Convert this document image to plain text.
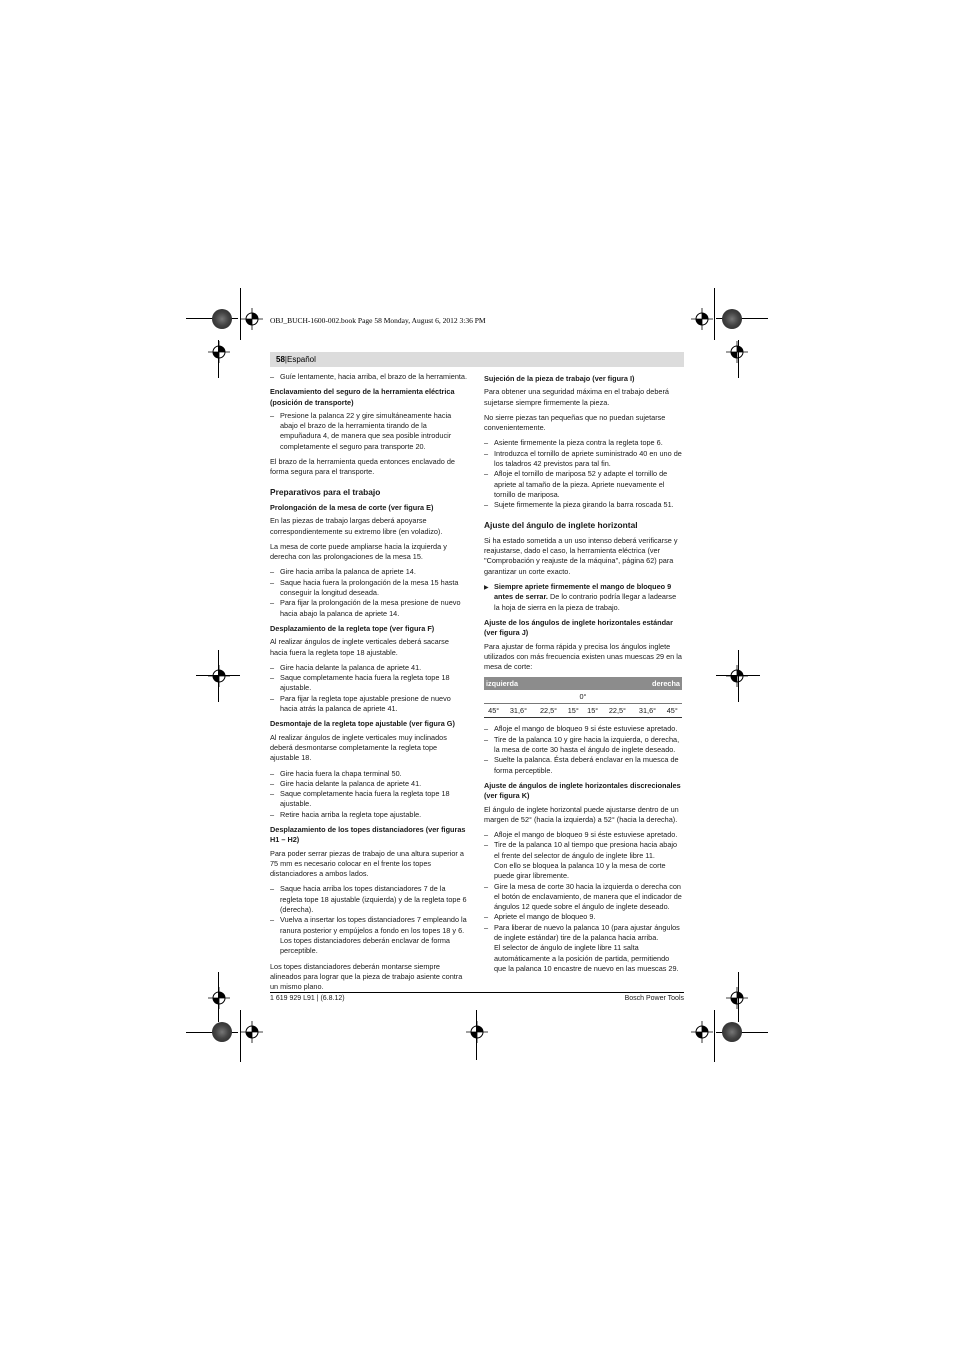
OBJ_BUCH-1600-002.book Page 58 Monday, August 6, 2012 3:36 PM
58|Español
– Guíe lentamente, hacia arriba, el brazo de la herramienta.
Enclavamiento del seguro de la herramienta eléctrica (posición de transporte)
– Presione la palanca 22 y gire simultáneamente hacia abajo el brazo de la herramienta tirando de la empuñadura 4, de manera que sea posible introducir completamente el seguro para transporte 20.

El brazo de la herramienta queda entonces enclavado de forma segura para el transporte.

Preparativos para el trabajo
Prolongación de la mesa de corte (ver figura E)

En las piezas de trabajo largas deberá apoyarse correspondientemente su extremo libre (en voladizo).

La mesa de corte puede ampliarse hacia la izquierda y derecha con las prolongaciones de la mesa 15.

– Gire hacia arriba la palanca de apriete 14.
– Saque hacia fuera la prolongación de la mesa 15 hasta conseguir la longitud deseada.
– Para fijar la prolongación de la mesa presione de nuevo hacia abajo la palanca de apriete 14.
Desplazamiento de la regleta tope (ver figura F)

Al realizar ángulos de inglete verticales deberá sacarse hacia fuera la regleta tope 18 ajustable.

– Gire hacia delante la palanca de apriete 41.
– Saque completamente hacia fuera la regleta tope 18 ajustable.
– Para fijar la regleta tope ajustable presione de nuevo hacia atrás la palanca de apriete 41.
Desmontaje de la regleta tope ajustable (ver figura G)

Al realizar ángulos de inglete verticales muy inclinados deberá desmontarse completamente la regleta tope ajustable 18.

– Gire hacia fuera la chapa terminal 50.
– Gire hacia delante la palanca de apriete 41.
– Saque completamente hacia fuera la regleta tope 18 ajustable.
– Retire hacia arriba la regleta tope ajustable.
Desplazamiento de los topes distanciadores (ver figuras H1 – H2)

Para poder serrar piezas de trabajo de una altura superior a 75 mm es necesario colocar en el frente los topes distanciadores a ambos lados.

– Saque hacia arriba los topes distanciadores 7 de la regleta tope 18 ajustable (izquierda) y de la regleta tope 6 (derecha).
– Vuelva a insertar los topes distanciadores 7 empleando la ranura posterior y empújelos a fondo en los topes 18 y 6. Los topes distanciadores deberán enclavar de forma perceptible.

Los topes distanciadores deberán montarse siempre alineados para lograr que la pieza de trabajo asiente contra un mismo plano.

Sujeción de la pieza de trabajo (ver figura I)

Para obtener una seguridad máxima en el trabajo deberá sujetarse siempre firmemente la pieza.

No sierre piezas tan pequeñas que no puedan sujetarse convenientemente.

– Asiente firmemente la pieza contra la regleta tope 6.
– Introduzca el tornillo de apriete suministrado 40 en uno de los taladros 42 previstos para tal fin.
– Afloje el tornillo de mariposa 52 y adapte el tornillo de apriete al tamaño de la pieza. Apriete nuevamente el tornillo de mariposa.
– Sujete firmemente la pieza girando la barra roscada 51.
Ajuste del ángulo de inglete horizontal

Si ha estado sometida a un uso intenso deberá verificarse y reajustarse, dado el caso, la herramienta eléctrica (ver "Comprobación y reajuste de la máquina", página 62) para garantizar un corte exacto.

▶ Siempre apriete firmemente el mango de bloqueo 9 antes de serrar. De lo contrario podría llegar a ladearse la hoja de sierra en la pieza de trabajo.
Ajuste de los ángulos de inglete horizontales estándar (ver figura J)

Para ajustar de forma rápida y precisa los ángulos inglete utilizados con más frecuencia existen unas muescas 29 en la mesa de corte:

izquierda				derecha			
0°							
45°	31,6°	22,5°	15°	15°	22,5°	31,6°	45°
– Afloje el mango de bloqueo 9 si éste estuviese apretado.
– Tire de la palanca 10 y gire hacia la izquierda, o derecha, la mesa de corte 30 hasta el ángulo de inglete deseado.
– Suelte la palanca. Ésta deberá enclavar en la muesca de forma perceptible.
Ajuste de ángulos de inglete horizontales discrecionales (ver figura K)

El ángulo de inglete horizontal puede ajustarse dentro de un margen de 52° (hacia la izquierda) a 52° (hacia la derecha).

– Afloje el mango de bloqueo 9 si éste estuviese apretado.
– Tire de la palanca 10 al tiempo que presiona hacia abajo el frente del selector de ángulo de inglete libre 11.
Con ello se bloquea la palanca 10 y la mesa de corte puede girar libremente.
– Gire la mesa de corte 30 hacia la izquierda o derecha con el botón de enclavamiento, de manera que el indicador de ángulos 12 quede sobre el ángulo de inglete deseado.
– Apriete el mango de bloqueo 9.
– Para liberar de nuevo la palanca 10 (para ajustar ángulos de inglete estándar) tire de la palanca hacia arriba.
El selector de ángulo de inglete libre 11 salta automáticamente a la posición de partida, permitiendo que la palanca 10 encastre de nuevo en las muescas 29.
1 619 929 L91 | (6.8.12)	Bosch Power Tools
